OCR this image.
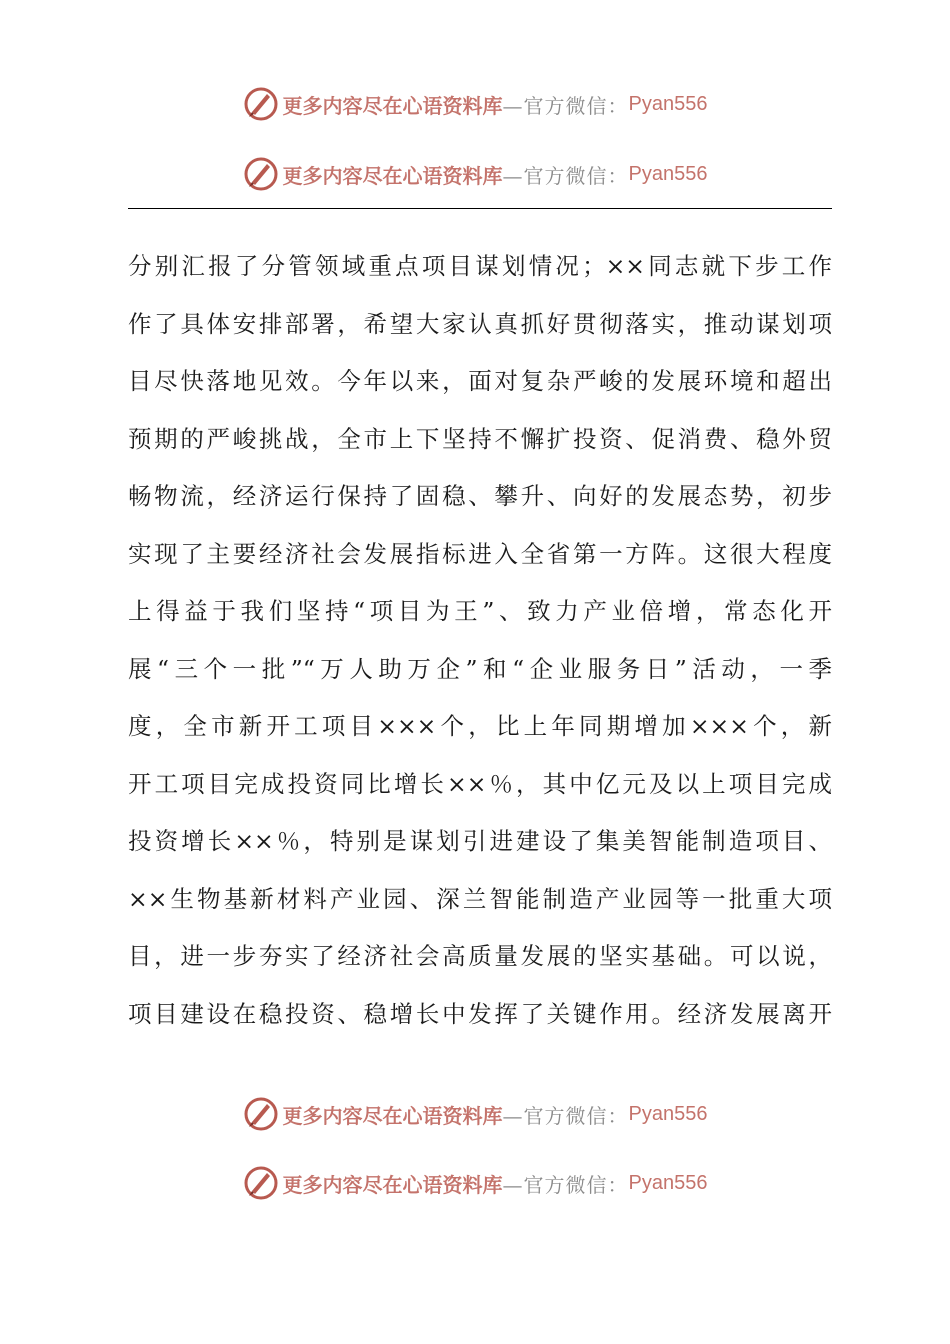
更多内容尽在心语资料库 —官方微信： Pyan556
更多内容尽在心语资料库 —官方微信： Pyan556
分别汇报了分管领域重点项目谋划情况；××同志就下步工作
作了具体安排部署，希望大家认真抓好贯彻落实，推动谋划项
目尽快落地见效。今年以来，面对复杂严峻的发展环境和超出
预期的严峻挑战，全市上下坚持不懈扩投资、促消费、稳外贸
畅物流，经济运行保持了固稳、攀升、向好的发展态势，初步
实现了主要经济社会发展指标进入全省第一方阵。这很大程度
上得益于我们坚持“项目为王”、致力产业倍增，常态化开
展“三个一批”“万人助万企”和“企业服务日”活动，一季
度，全市新开工项目×××个，比上年同期增加×××个，新
开工项目完成投资同比增长××％，其中亿元及以上项目完成
投资增长××％，特别是谋划引进建设了集美智能制造项目、
××生物基新材料产业园、深兰智能制造产业园等一批重大项
目，进一步夯实了经济社会高质量发展的坚实基础。可以说，
项目建设在稳投资、稳增长中发挥了关键作用。经济发展离开
更多内容尽在心语资料库 —官方微信： Pyan556
更多内容尽在心语资料库 —官方微信： Pyan556
